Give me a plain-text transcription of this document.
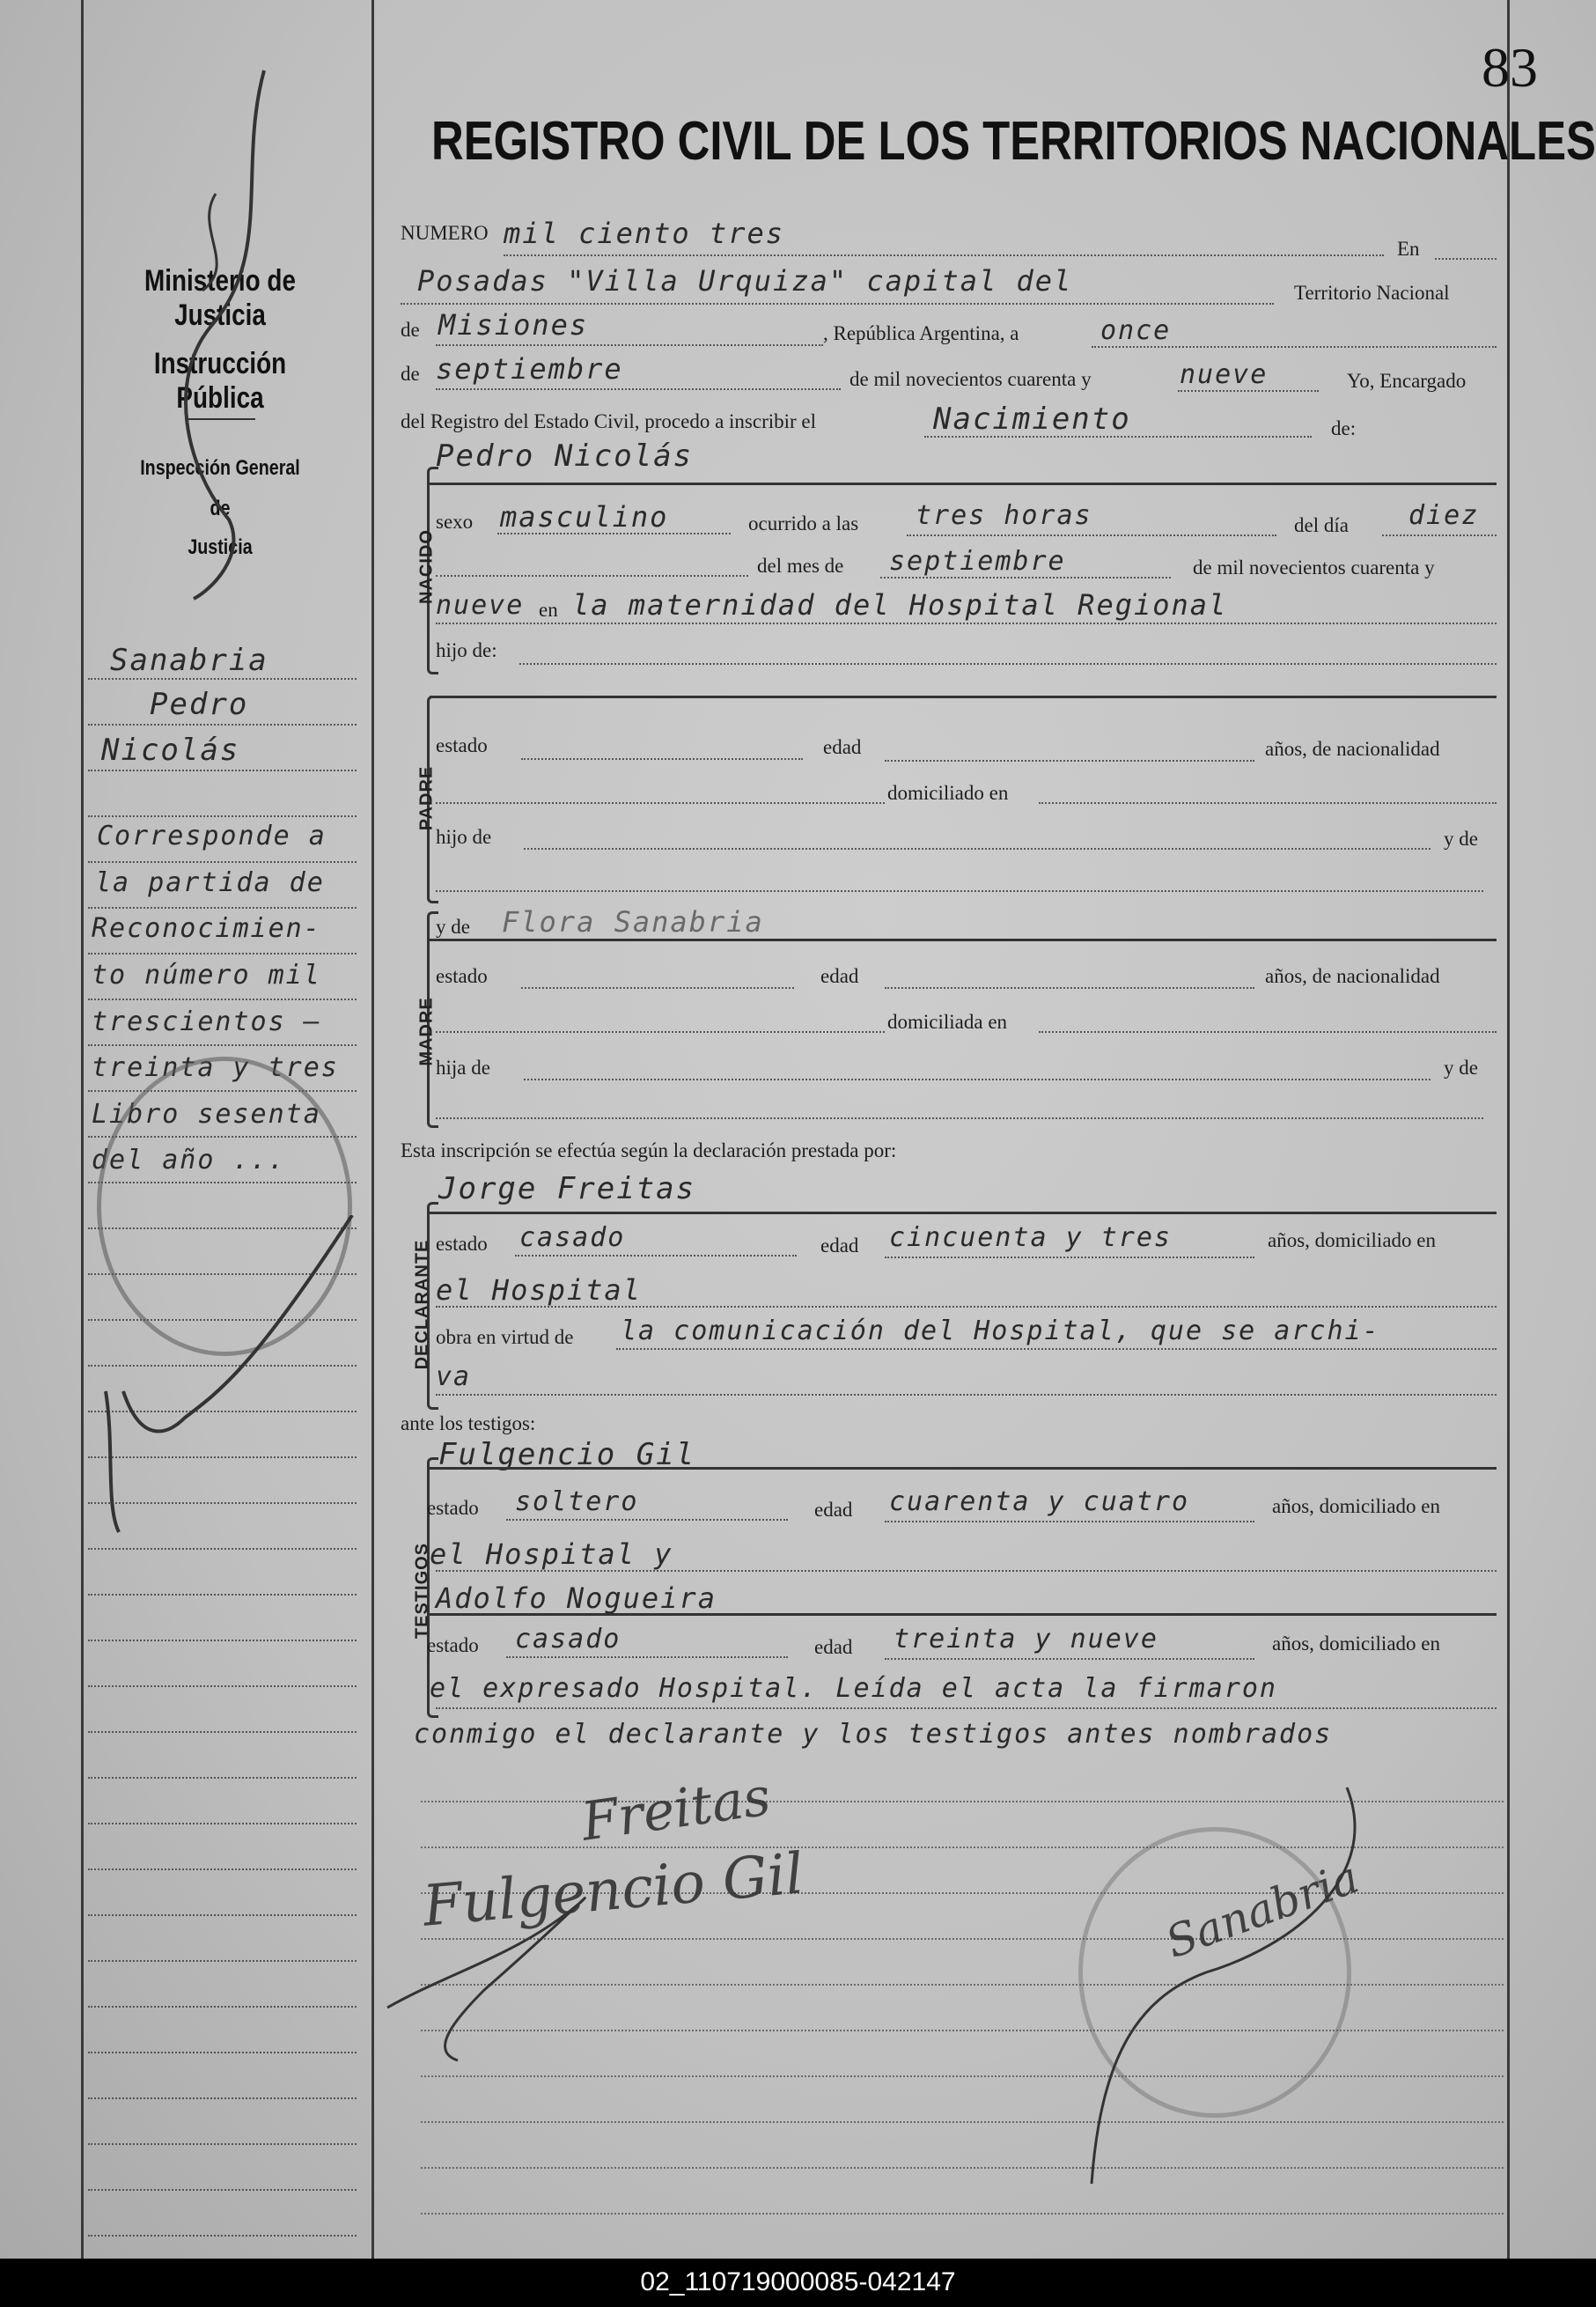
83
REGISTRO CIVIL DE LOS TERRITORIOS NACIONALES
Ministerio de Justicia
Instrucción Pública
Inspección General
de
Justicia
Sanabria
Pedro
Nicolás
Corresponde a
la partida de
Reconocimien-
to número mil
trescientos —
treinta y tres
Libro sesenta
del año ...
NUMERO mil ciento tres	En
Posadas "Villa Urquiza" capital del	Territorio Nacional
de Misiones	, República Argentina, a	once
de septiembre	de mil novecientos cuarenta y	nueve	Yo, Encargado
del Registro del Estado Civil, procedo a inscribir el	Nacimiento	de:
NACIDO
Pedro Nicolás
sexo masculino	ocurrido a las tres horas	del día diez
del mes de septiembre	de mil novecientos cuarenta y
nueve en la maternidad del Hospital Regional
hijo de:
PADRE
estado	edad	años, de nacionalidad
domiciliado en
hijo de	y de
MADRE
y de Flora Sanabria
estado	edad	años, de nacionalidad
domiciliada en
hija de	y de
Esta inscripción se efectúa según la declaración prestada por:
DECLARANTE
Jorge Freitas
estado casado	edad cincuenta y tres	años, domiciliado en
el Hospital
obra en virtud de la comunicación del Hospital, que se archi-
va
ante los testigos:
TESTIGOS
Fulgencio Gil
estado soltero	edad cuarenta y cuatro	años, domiciliado en
el Hospital y
Adolfo Nogueira
estado casado	edad treinta y nueve	años, domiciliado en
el expresado Hospital. Leída el acta la firmaron
conmigo el declarante y los testigos antes nombrados
Freitas
Fulgencio Gil	Sanabria
02_110719000085-042147
